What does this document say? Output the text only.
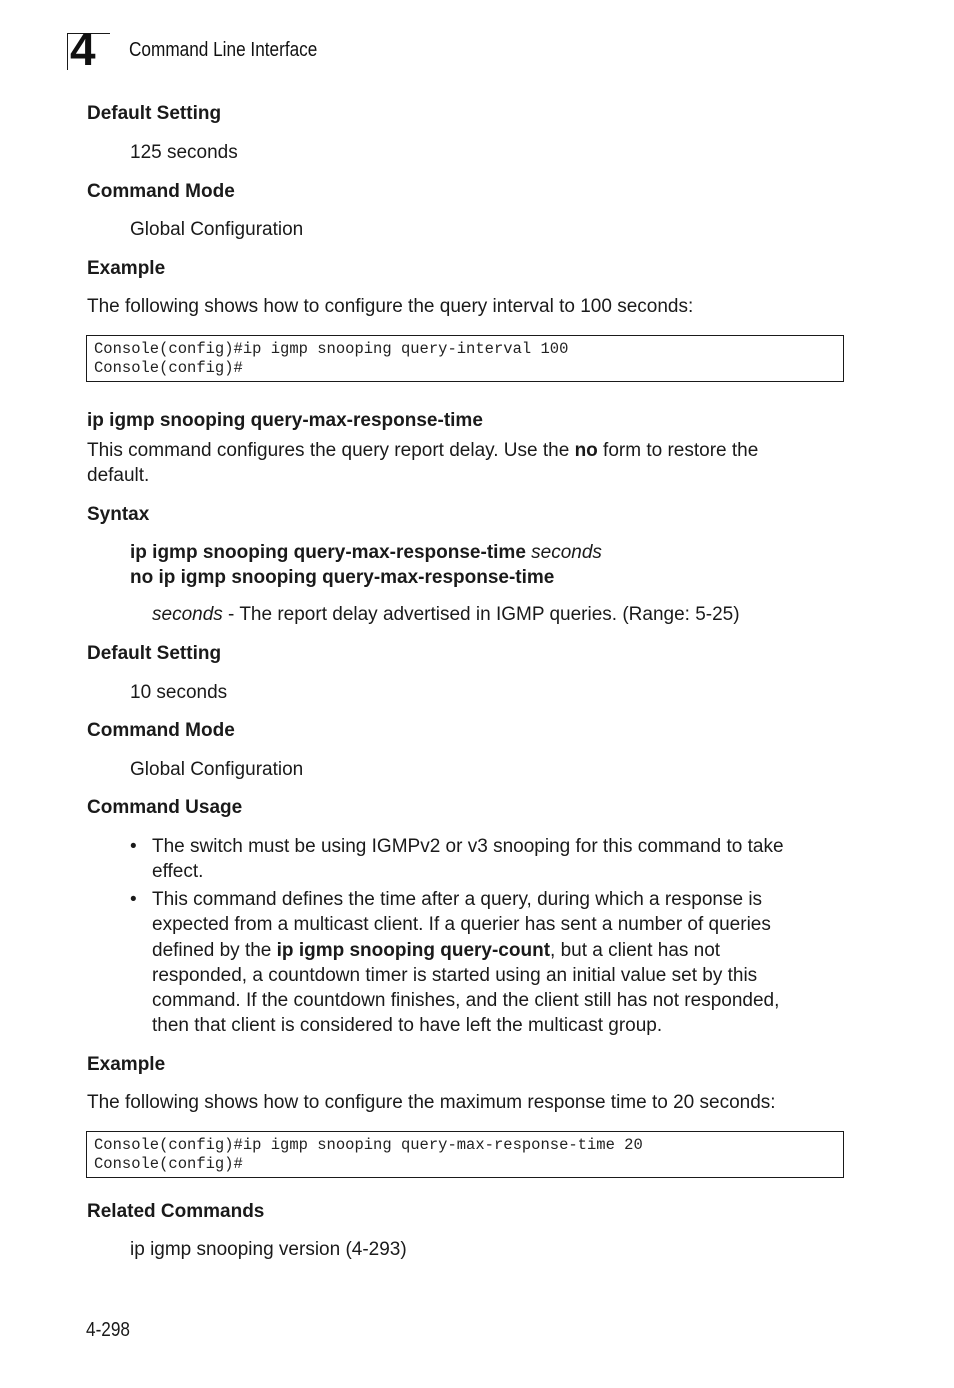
4 Command Line Interface
Default Setting
125 seconds
Command Mode
Global Configuration
Example
The following shows how to configure the query interval to 100 seconds:
Console(config)#ip igmp snooping query-interval 100
Console(config)#
ip igmp snooping query-max-response-time
This command configures the query report delay. Use the no form to restore the
default.
Syntax
ip igmp snooping query-max-response-time seconds
no ip igmp snooping query-max-response-time
seconds - The report delay advertised in IGMP queries. (Range: 5-25)
Default Setting
10 seconds
Command Mode
Global Configuration
Command Usage
• The switch must be using IGMPv2 or v3 snooping for this command to take
effect.
• This command defines the time after a query, during which a response is
expected from a multicast client. If a querier has sent a number of queries
defined by the ip igmp snooping query-count, but a client has not
responded, a countdown timer is started using an initial value set by this
command. If the countdown finishes, and the client still has not responded,
then that client is considered to have left the multicast group.
Example
The following shows how to configure the maximum response time to 20 seconds:
Console(config)#ip igmp snooping query-max-response-time 20
Console(config)#
Related Commands
ip igmp snooping version (4-293)
4-298
